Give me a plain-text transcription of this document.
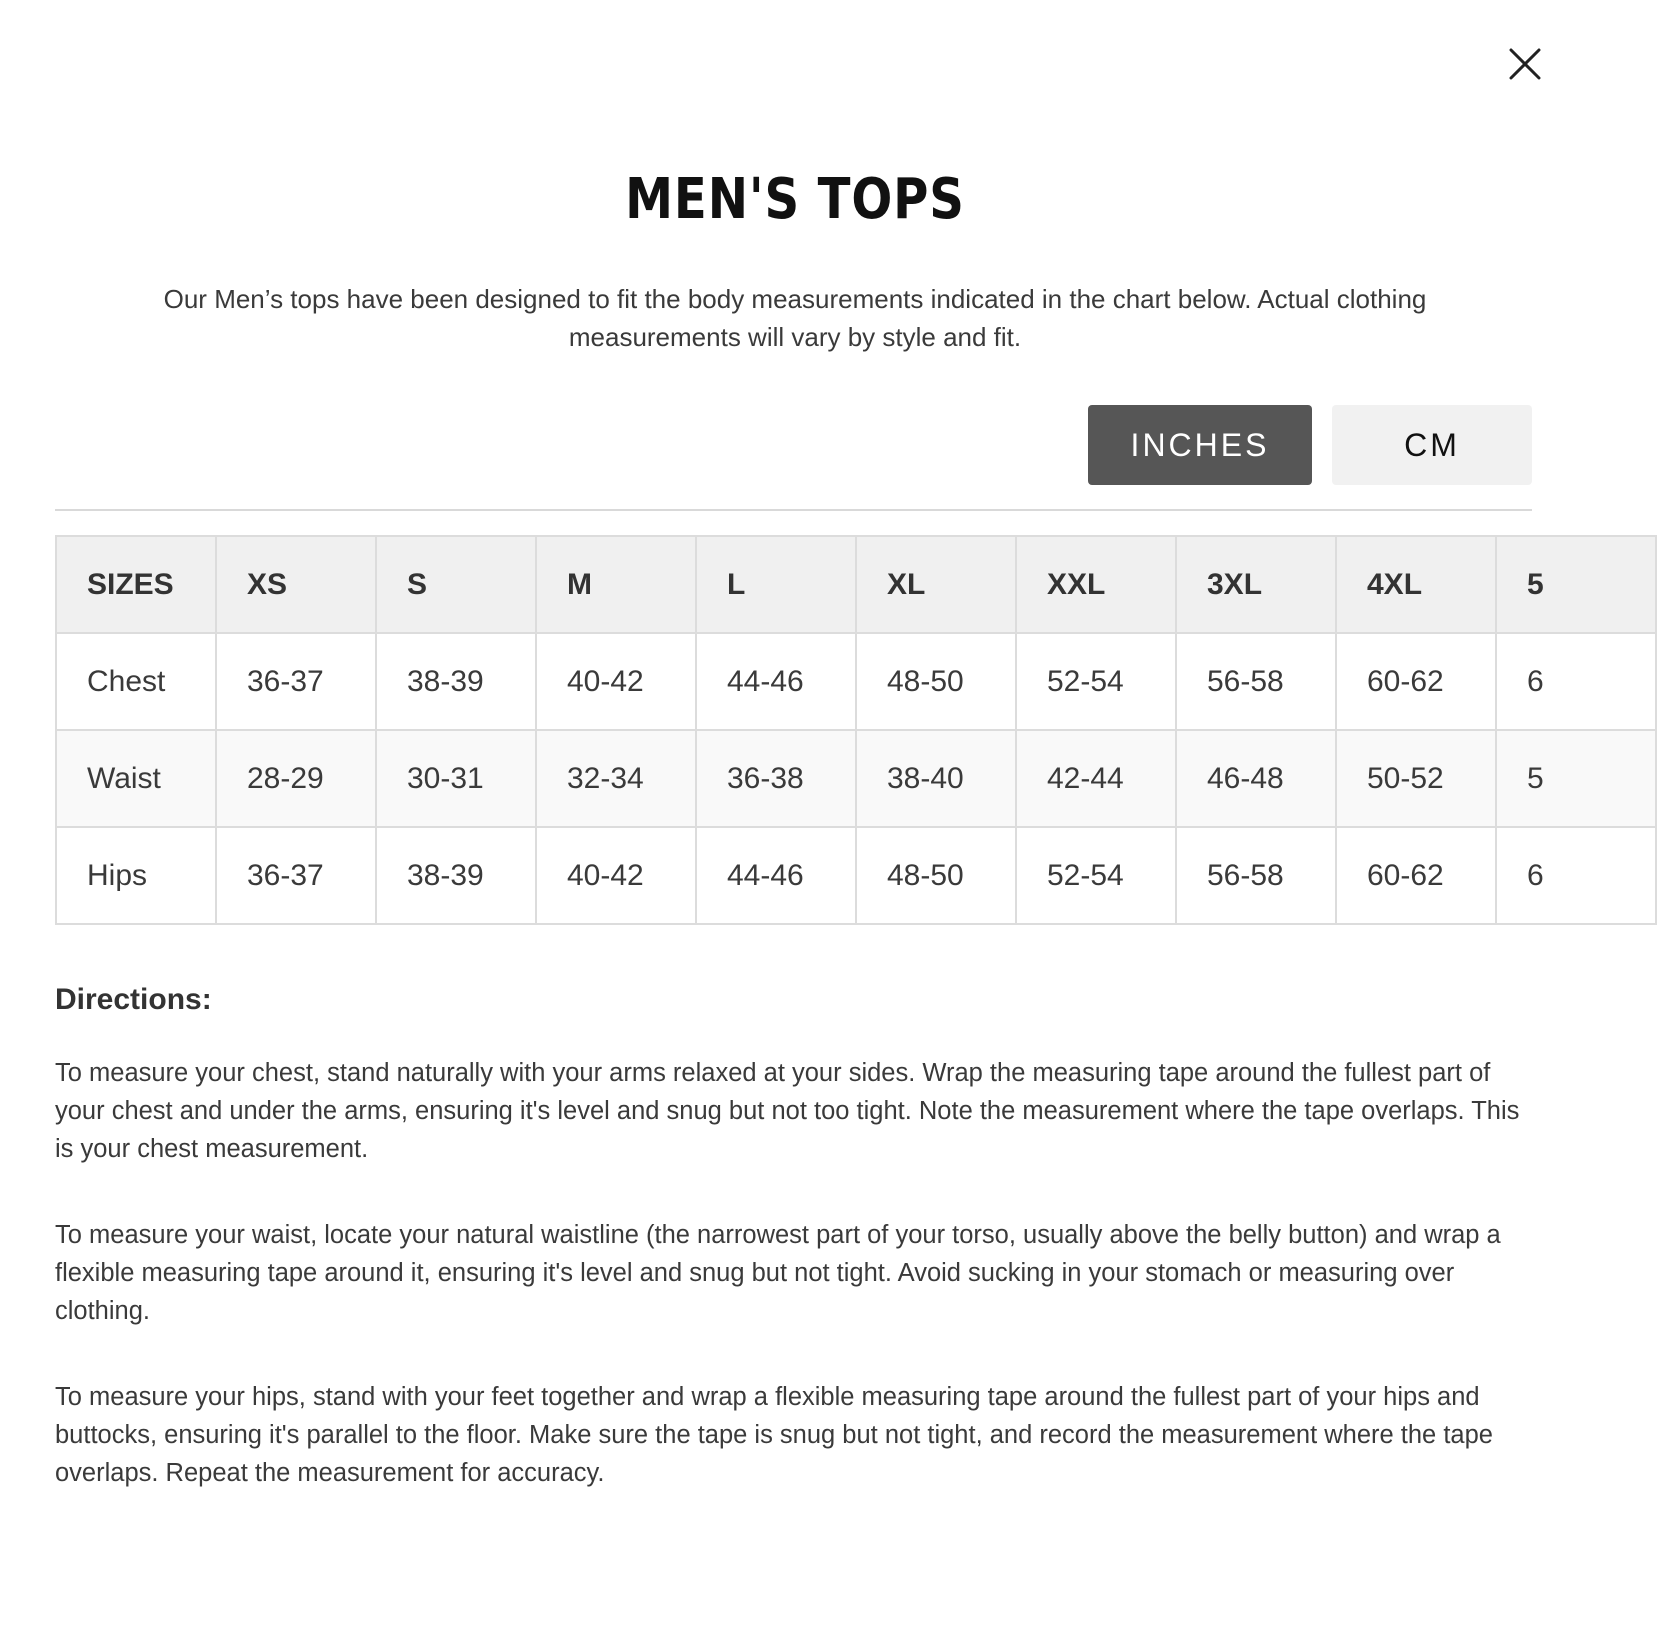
MEN'S TOPS

Our Men’s tops have been designed to fit the body measurements indicated in the chart below. Actual clothing measurements will vary by style and fit.

INCHES	CM
SIZES	XS	S	M	L	XL	XXL	3XL	4XL	5
Chest	36-37	38-39	40-42	44-46	48-50	52-54	56-58	60-62	6
Waist	28-29	30-31	32-34	36-38	38-40	42-44	46-48	50-52	5
Hips	36-37	38-39	40-42	44-46	48-50	52-54	56-58	60-62	6
Directions:

To measure your chest, stand naturally with your arms relaxed at your sides. Wrap the measuring tape around the fullest part of your chest and under the arms, ensuring it's level and snug but not too tight. Note the measurement where the tape overlaps. This is your chest measurement.

To measure your waist, locate your natural waistline (the narrowest part of your torso, usually above the belly button) and wrap a flexible measuring tape around it, ensuring it's level and snug but not tight. Avoid sucking in your stomach or measuring over clothing.

To measure your hips, stand with your feet together and wrap a flexible measuring tape around the fullest part of your hips and buttocks, ensuring it's parallel to the floor. Make sure the tape is snug but not tight, and record the measurement where the tape overlaps. Repeat the measurement for accuracy.
